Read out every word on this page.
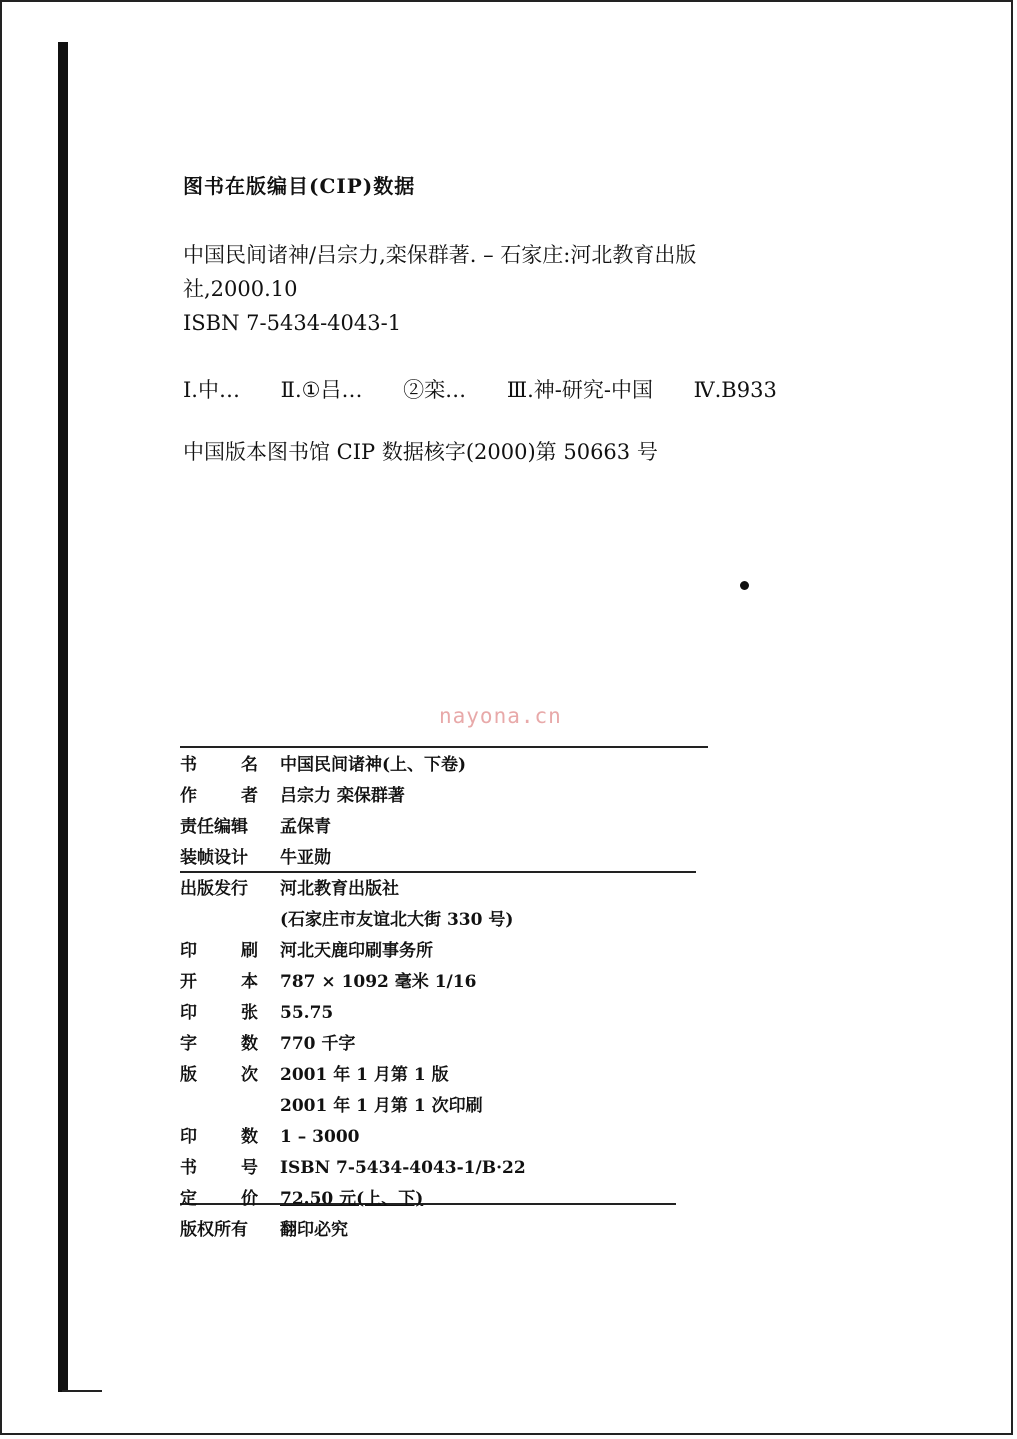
图书在版编目(CIP)数据
中国民间诸神/吕宗力,栾保群著. – 石家庄:河北教育出版
社,2000.10
ISBN 7-5434-4043-1
Ⅰ.中… Ⅱ.①吕… ②栾… Ⅲ.神-研究-中国 Ⅳ.B933
中国版本图书馆 CIP 数据核字(2000)第 50663 号
nayona.cn
书	名 中国民间诸神(上、下卷)
作	者 吕宗力 栾保群著
责任编辑 孟保青
装帧设计 牛亚勋
出版发行 河北教育出版社
(石家庄市友谊北大街 330 号)
印	刷 河北天鹿印刷事务所
开	本 787 × 1092 毫米 1/16
印	张 55.75
字	数 770 千字
版	次 2001 年 1 月第 1 版
2001 年 1 月第 1 次印刷
印	数 1 – 3000
书	号 ISBN 7-5434-4043-1/B·22
定	价 72.50 元(上、下)
版权所有 翻印必究
